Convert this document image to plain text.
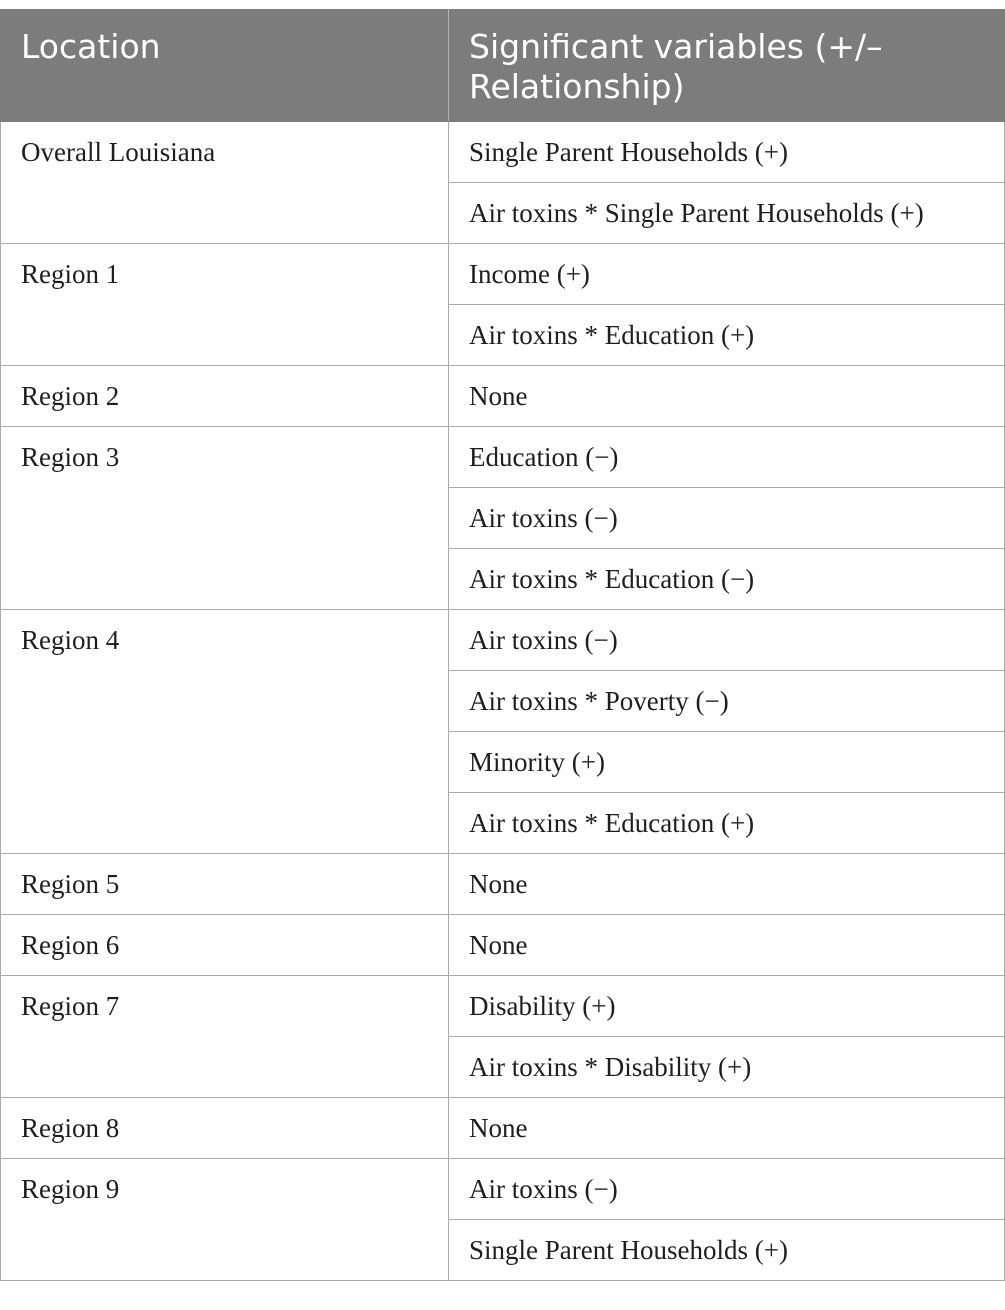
Location	Significant variables (+/– Relationship)
Overall Louisiana	Single Parent Households (+)
	Air toxins * Single Parent Households (+)
Region 1	Income (+)
	Air toxins * Education (+)
Region 2	None
Region 3	Education (−)
	Air toxins (−)
	Air toxins * Education (−)
Region 4	Air toxins (−)
	Air toxins * Poverty (−)
	Minority (+)
	Air toxins * Education (+)
Region 5	None
Region 6	None
Region 7	Disability (+)
	Air toxins * Disability (+)
Region 8	None
Region 9	Air toxins (−)
	Single Parent Households (+)
